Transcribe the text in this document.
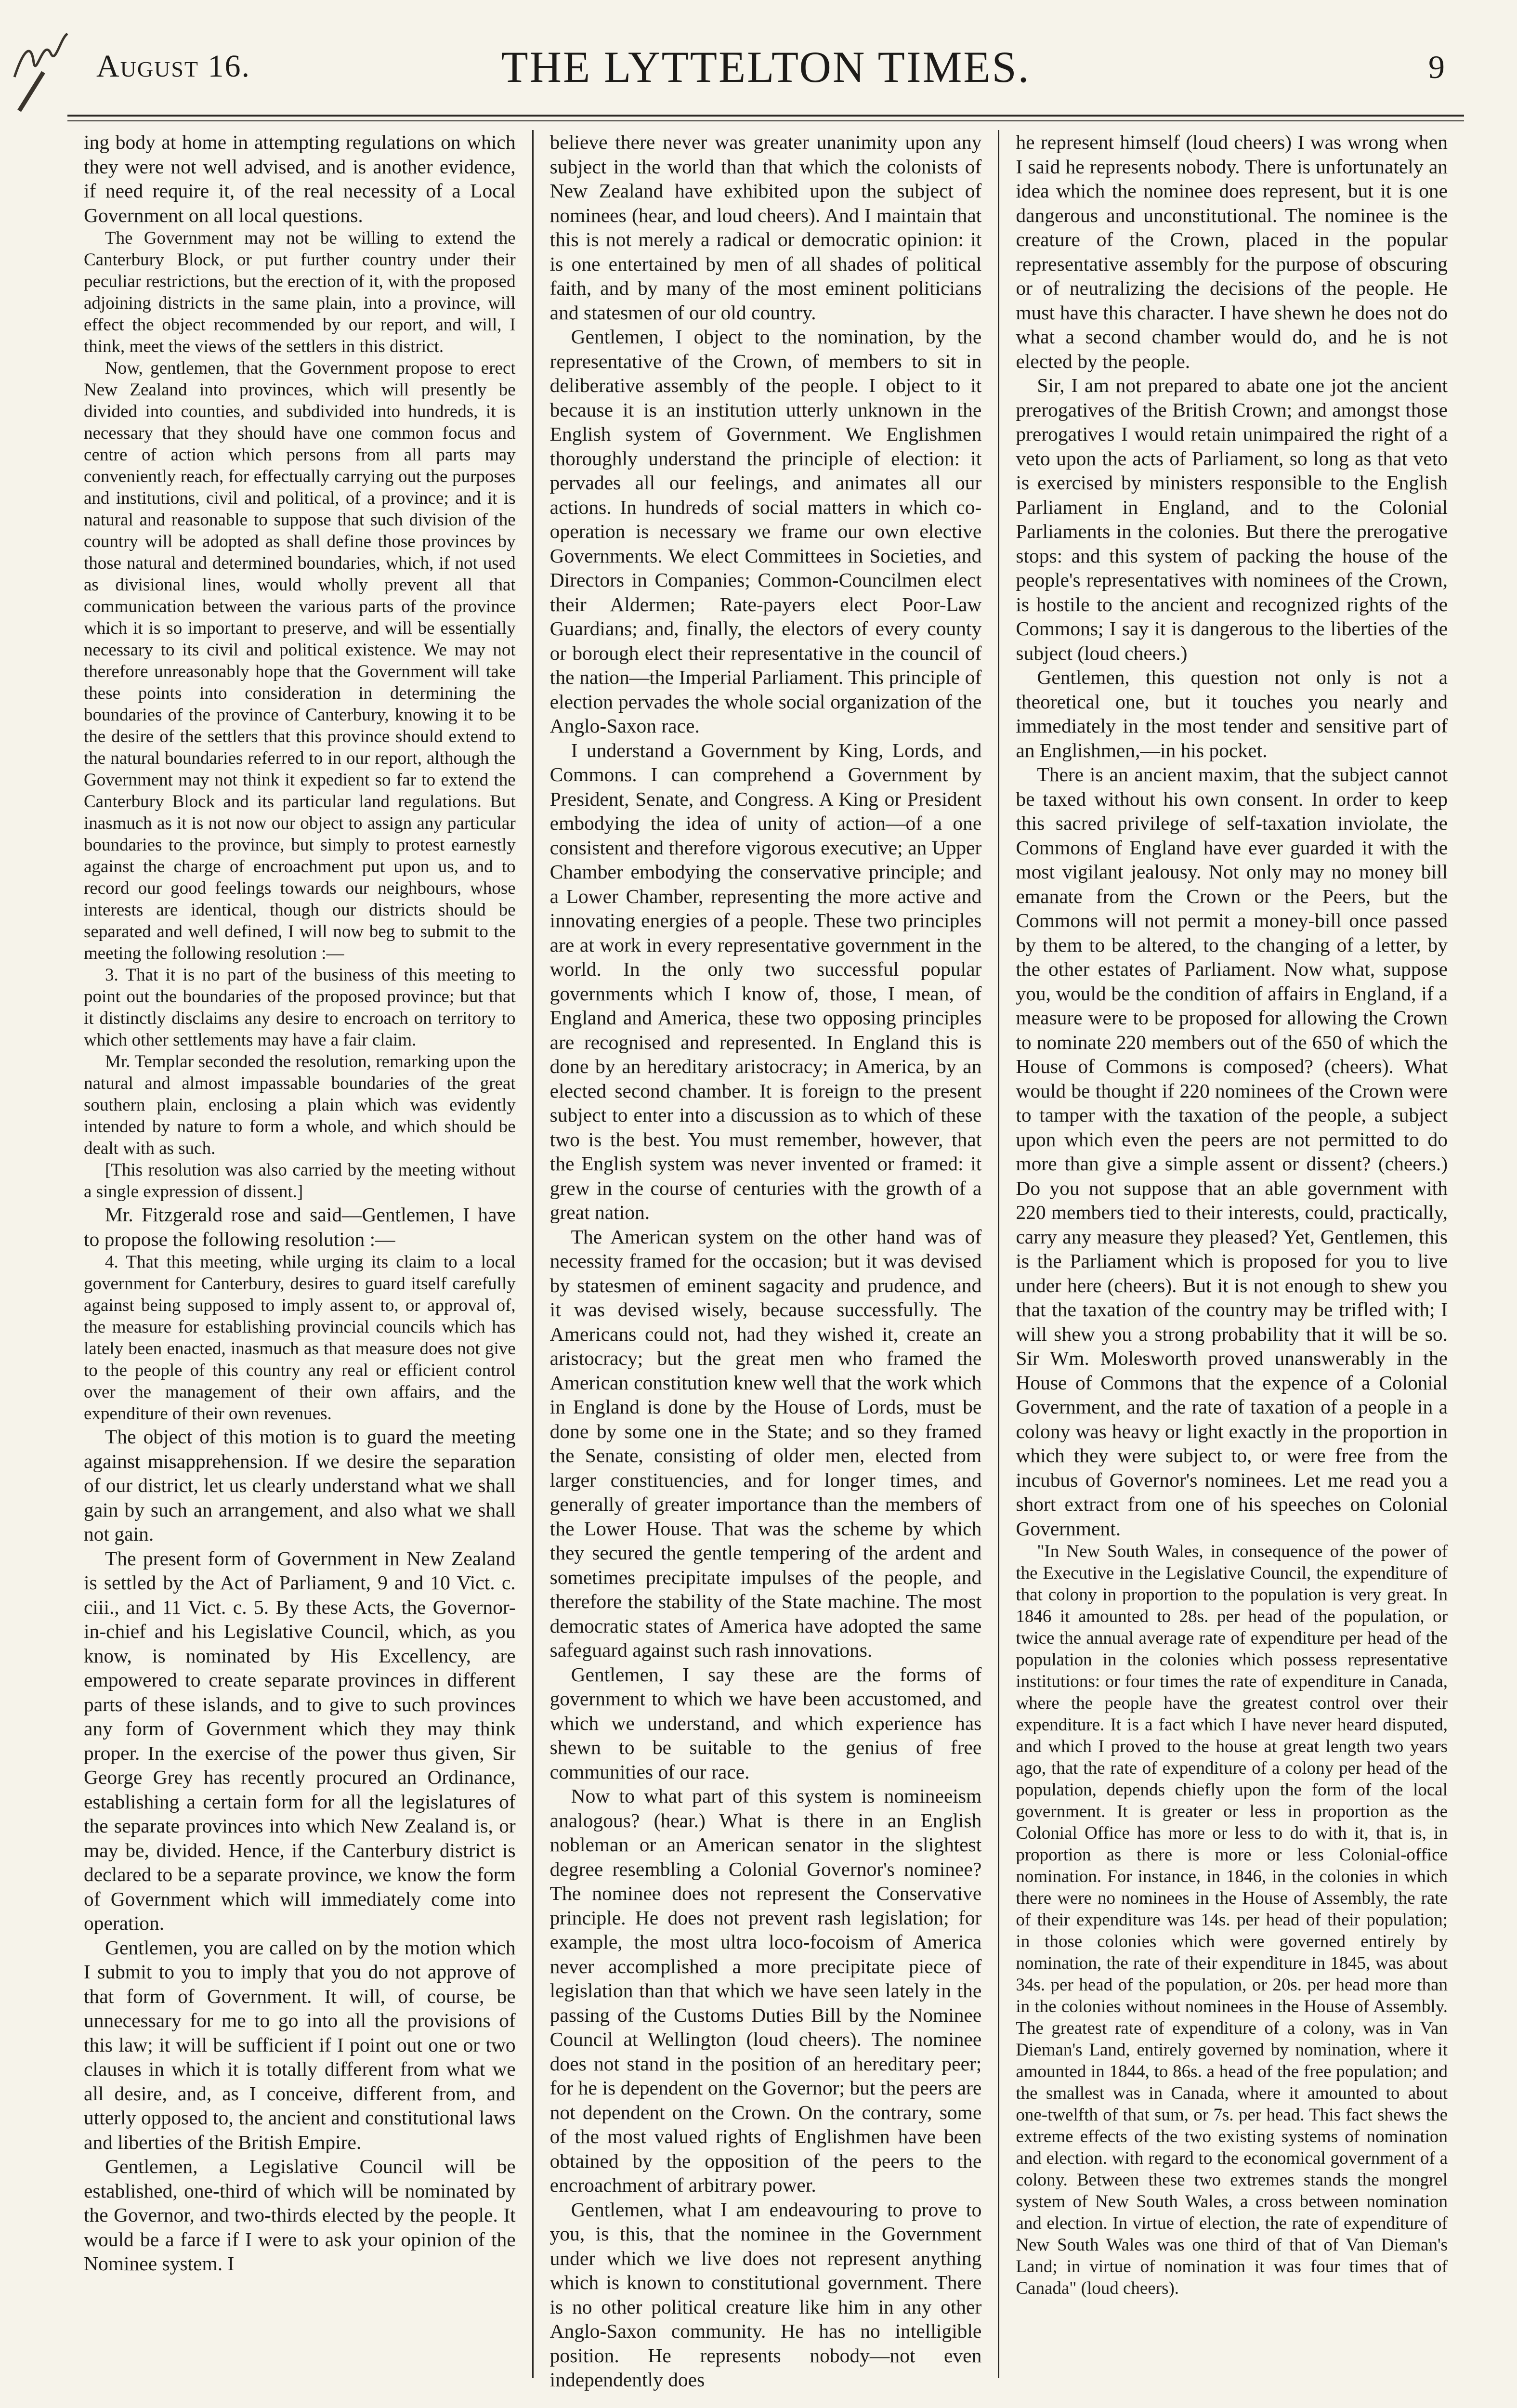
August 16.	THE LYTTELTON TIMES.	9

ing body at home in attempting regulations on which they were not well advised, and is another evidence, if need require it, of the real necessity of a Local Government on all local questions.

The Government may not be willing to extend the Canterbury Block, or put further country under their peculiar restrictions, but the erection of it, with the proposed adjoining districts in the same plain, into a province, will effect the object recommended by our report, and will, I think, meet the views of the settlers in this district.

Now, gentlemen, that the Government propose to erect New Zealand into provinces, which will presently be divided into counties, and subdivided into hundreds, it is necessary that they should have one common focus and centre of action which persons from all parts may conveniently reach, for effectually carrying out the purposes and institutions, civil and political, of a province; and it is natural and reasonable to suppose that such division of the country will be adopted as shall define those provinces by those natural and determined boundaries, which, if not used as divisional lines, would wholly prevent all that communication between the various parts of the province which it is so important to preserve, and will be essentially necessary to its civil and political existence. We may not therefore unreasonably hope that the Government will take these points into consideration in determining the boundaries of the province of Canterbury, knowing it to be the desire of the settlers that this province should extend to the natural boundaries referred to in our report, although the Government may not think it expedient so far to extend the Canterbury Block and its particular land regulations. But inasmuch as it is not now our object to assign any particular boundaries to the province, but simply to protest earnestly against the charge of encroachment put upon us, and to record our good feelings towards our neighbours, whose interests are identical, though our districts should be separated and well defined, I will now beg to submit to the meeting the following resolution :—

3. That it is no part of the business of this meeting to point out the boundaries of the proposed province; but that it distinctly disclaims any desire to encroach on territory to which other settlements may have a fair claim.

Mr. Templar seconded the resolution, remarking upon the natural and almost impassable boundaries of the great southern plain, enclosing a plain which was evidently intended by nature to form a whole, and which should be dealt with as such.

[This resolution was also carried by the meeting without a single expression of dissent.]

Mr. Fitzgerald rose and said—Gentlemen, I have to propose the following resolution :—

4. That this meeting, while urging its claim to a local government for Canterbury, desires to guard itself carefully against being supposed to imply assent to, or approval of, the measure for establishing provincial councils which has lately been enacted, inasmuch as that measure does not give to the people of this country any real or efficient control over the management of their own affairs, and the expenditure of their own revenues.

The object of this motion is to guard the meeting against misapprehension. If we desire the separation of our district, let us clearly understand what we shall gain by such an arrangement, and also what we shall not gain.

The present form of Government in New Zealand is settled by the Act of Parliament, 9 and 10 Vict. c. ciii., and 11 Vict. c. 5. By these Acts, the Governor-in-chief and his Legislative Council, which, as you know, is nominated by His Excellency, are empowered to create separate provinces in different parts of these islands, and to give to such provinces any form of Government which they may think proper. In the exercise of the power thus given, Sir George Grey has recently procured an Ordinance, establishing a certain form for all the legislatures of the separate provinces into which New Zealand is, or may be, divided. Hence, if the Canterbury district is declared to be a separate province, we know the form of Government which will immediately come into operation.

Gentlemen, you are called on by the motion which I submit to you to imply that you do not approve of that form of Government. It will, of course, be unnecessary for me to go into all the provisions of this law; it will be sufficient if I point out one or two clauses in which it is totally different from what we all desire, and, as I conceive, different from, and utterly opposed to, the ancient and constitutional laws and liberties of the British Empire.

Gentlemen, a Legislative Council will be established, one-third of which will be nominated by the Governor, and two-thirds elected by the people. It would be a farce if I were to ask your opinion of the Nominee system. I

believe there never was greater unanimity upon any subject in the world than that which the colonists of New Zealand have exhibited upon the subject of nominees (hear, and loud cheers). And I maintain that this is not merely a radical or democratic opinion: it is one entertained by men of all shades of political faith, and by many of the most eminent politicians and statesmen of our old country.

Gentlemen, I object to the nomination, by the representative of the Crown, of members to sit in deliberative assembly of the people. I object to it because it is an institution utterly unknown in the English system of Government. We Englishmen thoroughly understand the principle of election: it pervades all our feelings, and animates all our actions. In hundreds of social matters in which co-operation is necessary we frame our own elective Governments. We elect Committees in Societies, and Directors in Companies; Common-Councilmen elect their Aldermen; Rate-payers elect Poor-Law Guardians; and, finally, the electors of every county or borough elect their representative in the council of the nation—the Imperial Parliament. This principle of election pervades the whole social organization of the Anglo-Saxon race.

I understand a Government by King, Lords, and Commons. I can comprehend a Government by President, Senate, and Congress. A King or President embodying the idea of unity of action—of a one consistent and therefore vigorous executive; an Upper Chamber embodying the conservative principle; and a Lower Chamber, representing the more active and innovating energies of a people. These two principles are at work in every representative government in the world. In the only two successful popular governments which I know of, those, I mean, of England and America, these two opposing principles are recognised and represented. In England this is done by an hereditary aristocracy; in America, by an elected second chamber. It is foreign to the present subject to enter into a discussion as to which of these two is the best. You must remember, however, that the English system was never invented or framed: it grew in the course of centuries with the growth of a great nation.

The American system on the other hand was of necessity framed for the occasion; but it was devised by statesmen of eminent sagacity and prudence, and it was devised wisely, because successfully. The Americans could not, had they wished it, create an aristocracy; but the great men who framed the American constitution knew well that the work which in England is done by the House of Lords, must be done by some one in the State; and so they framed the Senate, consisting of older men, elected from larger constituencies, and for longer times, and generally of greater importance than the members of the Lower House. That was the scheme by which they secured the gentle tempering of the ardent and sometimes precipitate impulses of the people, and therefore the stability of the State machine. The most democratic states of America have adopted the same safeguard against such rash innovations.

Gentlemen, I say these are the forms of government to which we have been accustomed, and which we understand, and which experience has shewn to be suitable to the genius of free communities of our race.

Now to what part of this system is nomineeism analogous? (hear.) What is there in an English nobleman or an American senator in the slightest degree resembling a Colonial Governor's nominee? The nominee does not represent the Conservative principle. He does not prevent rash legislation; for example, the most ultra loco-focoism of America never accomplished a more precipitate piece of legislation than that which we have seen lately in the passing of the Customs Duties Bill by the Nominee Council at Wellington (loud cheers). The nominee does not stand in the position of an hereditary peer; for he is dependent on the Governor; but the peers are not dependent on the Crown. On the contrary, some of the most valued rights of Englishmen have been obtained by the opposition of the peers to the encroachment of arbitrary power.

Gentlemen, what I am endeavouring to prove to you, is this, that the nominee in the Government under which we live does not represent anything which is known to constitutional government. There is no other political creature like him in any other Anglo-Saxon community. He has no intelligible position. He represents nobody—not even independently does

he represent himself (loud cheers) I was wrong when I said he represents nobody. There is unfortunately an idea which the nominee does represent, but it is one dangerous and unconstitutional. The nominee is the creature of the Crown, placed in the popular representative assembly for the purpose of obscuring or of neutralizing the decisions of the people. He must have this character. I have shewn he does not do what a second chamber would do, and he is not elected by the people.

Sir, I am not prepared to abate one jot the ancient prerogatives of the British Crown; and amongst those prerogatives I would retain unimpaired the right of a veto upon the acts of Parliament, so long as that veto is exercised by ministers responsible to the English Parliament in England, and to the Colonial Parliaments in the colonies. But there the prerogative stops: and this system of packing the house of the people's representatives with nominees of the Crown, is hostile to the ancient and recognized rights of the Commons; I say it is dangerous to the liberties of the subject (loud cheers.)

Gentlemen, this question not only is not a theoretical one, but it touches you nearly and immediately in the most tender and sensitive part of an Englishmen,—in his pocket.

There is an ancient maxim, that the subject cannot be taxed without his own consent. In order to keep this sacred privilege of self-taxation inviolate, the Commons of England have ever guarded it with the most vigilant jealousy. Not only may no money bill emanate from the Crown or the Peers, but the Commons will not permit a money-bill once passed by them to be altered, to the changing of a letter, by the other estates of Parliament. Now what, suppose you, would be the condition of affairs in England, if a measure were to be proposed for allowing the Crown to nominate 220 members out of the 650 of which the House of Commons is composed? (cheers). What would be thought if 220 nominees of the Crown were to tamper with the taxation of the people, a subject upon which even the peers are not permitted to do more than give a simple assent or dissent? (cheers.) Do you not suppose that an able government with 220 members tied to their interests, could, practically, carry any measure they pleased? Yet, Gentlemen, this is the Parliament which is proposed for you to live under here (cheers). But it is not enough to shew you that the taxation of the country may be trifled with; I will shew you a strong probability that it will be so. Sir Wm. Molesworth proved unanswerably in the House of Commons that the expence of a Colonial Government, and the rate of taxation of a people in a colony was heavy or light exactly in the proportion in which they were subject to, or were free from the incubus of Governor's nominees. Let me read you a short extract from one of his speeches on Colonial Government.

"In New South Wales, in consequence of the power of the Executive in the Legislative Council, the expenditure of that colony in proportion to the population is very great. In 1846 it amounted to 28s. per head of the population, or twice the annual average rate of expenditure per head of the population in the colonies which possess representative institutions: or four times the rate of expenditure in Canada, where the people have the greatest control over their expenditure. It is a fact which I have never heard disputed, and which I proved to the house at great length two years ago, that the rate of expenditure of a colony per head of the population, depends chiefly upon the form of the local government. It is greater or less in proportion as the Colonial Office has more or less to do with it, that is, in proportion as there is more or less Colonial-office nomination. For instance, in 1846, in the colonies in which there were no nominees in the House of Assembly, the rate of their expenditure was 14s. per head of their population; in those colonies which were governed entirely by nomination, the rate of their expenditure in 1845, was about 34s. per head of the population, or 20s. per head more than in the colonies without nominees in the House of Assembly. The greatest rate of expenditure of a colony, was in Van Dieman's Land, entirely governed by nomination, where it amounted in 1844, to 86s. a head of the free population; and the smallest was in Canada, where it amounted to about one-twelfth of that sum, or 7s. per head. This fact shews the extreme effects of the two existing systems of nomination and election. with regard to the economical government of a colony. Between these two extremes stands the mongrel system of New South Wales, a cross between nomination and election. In virtue of election, the rate of expenditure of New South Wales was one third of that of Van Dieman's Land; in virtue of nomination it was four times that of Canada" (loud cheers).
